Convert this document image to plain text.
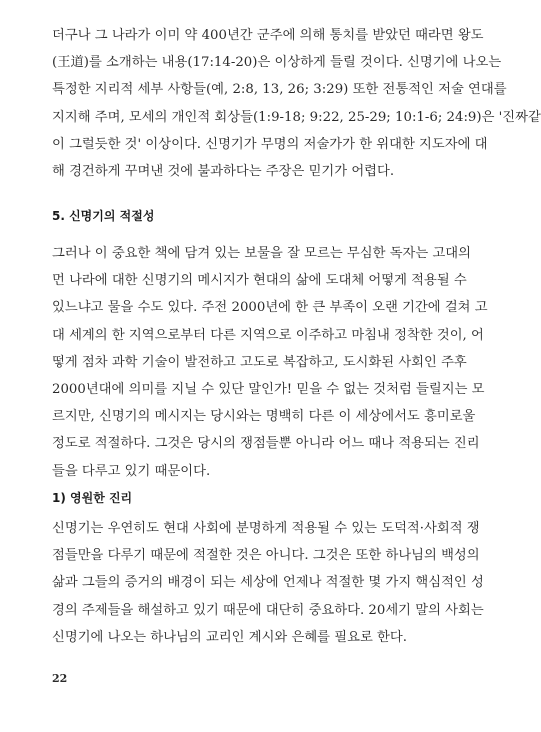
더구나 그 나라가 이미 약 400년간 군주에 의해 통치를 받았던 때라면 왕도
(王道)를 소개하는 내용(17:14-20)은 이상하게 들릴 것이다. 신명기에 나오는
특정한 지리적 세부 사항들(예, 2:8, 13, 26; 3:29) 또한 전통적인 저술 연대를
지지해 주며, 모세의 개인적 회상들(1:9-18; 9:22, 25-29; 10:1-6; 24:9)은 '진짜같
이 그럴듯한 것' 이상이다. 신명기가 무명의 저술가가 한 위대한 지도자에 대
해 경건하게 꾸며낸 것에 불과하다는 주장은 믿기가 어렵다.

5. 신명기의 적절성

그러나 이 중요한 책에 담겨 있는 보물을 잘 모르는 무심한 독자는 고대의
먼 나라에 대한 신명기의 메시지가 현대의 삶에 도대체 어떻게 적용될 수
있느냐고 물을 수도 있다. 주전 2000년에 한 큰 부족이 오랜 기간에 걸쳐 고
대 세계의 한 지역으로부터 다른 지역으로 이주하고 마침내 정착한 것이, 어
떻게 점차 과학 기술이 발전하고 고도로 복잡하고, 도시화된 사회인 주후
2000년대에 의미를 지닐 수 있단 말인가! 믿을 수 없는 것처럼 들릴지는 모
르지만, 신명기의 메시지는 당시와는 명백히 다른 이 세상에서도 흥미로울
정도로 적절하다. 그것은 당시의 쟁점들뿐 아니라 어느 때나 적용되는 진리
들을 다루고 있기 때문이다.

1) 영원한 진리

신명기는 우연히도 현대 사회에 분명하게 적용될 수 있는 도덕적·사회적 쟁
점들만을 다루기 때문에 적절한 것은 아니다. 그것은 또한 하나님의 백성의
삶과 그들의 증거의 배경이 되는 세상에 언제나 적절한 몇 가지 핵심적인 성
경의 주제들을 해설하고 있기 때문에 대단히 중요하다. 20세기 말의 사회는
신명기에 나오는 하나님의 교리인 계시와 은혜를 필요로 한다.

22
